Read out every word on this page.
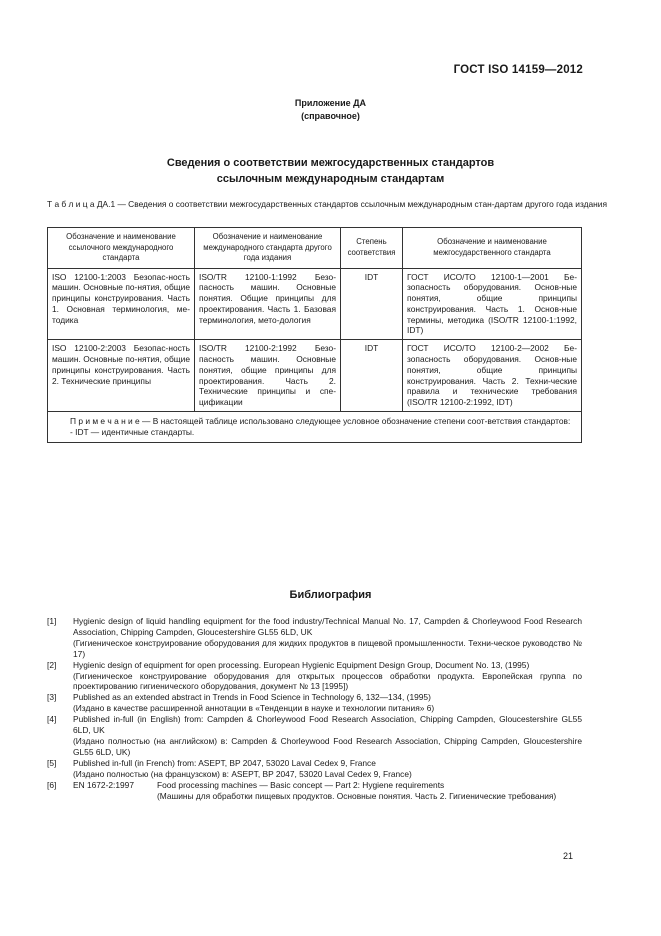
ГОСТ ISO 14159—2012
Приложение ДА
(справочное)
Сведения о соответствии межгосударственных стандартов
ссылочным международным стандартам
Т а б л и ц а ДА.1 — Сведения о соответствии межгосударственных стандартов ссылочным международным стан-дартам другого года издания
Обозначение и наименование ссылочного международного стандарта	Обозначение и наименование международного стандарта другого года издания	Степень соответствия	Обозначение и наименование межгосударственного стандарта
ISO 12100-1:2003 Безопас-ность машин. Основные по-нятия, общие принципы конструирования. Часть 1. Основная терминология, ме-тодика	ISO/TR 12100-1:1992 Безо-пасность машин. Основные понятия. Общие принципы для проектирования. Часть 1. Базовая терминология, мето-дология	IDT	ГОСТ ИСО/ТО 12100-1—2001 Бе-зопасность оборудования. Основ-ные понятия, общие принципы конструирования. Часть 1. Основ-ные термины, методика (ISO/TR 12100-1:1992, IDT)
ISO 12100-2:2003 Безопас-ность машин. Основные по-нятия, общие принципы конструирования. Часть 2. Технические принципы	ISO/TR 12100-2:1992 Безо-пасность машин. Основные понятия, общие принципы для проектирования. Часть 2. Технические принципы и спе-цификации	IDT	ГОСТ ИСО/ТО 12100-2—2002 Бе-зопасность оборудования. Основ-ные понятия, общие принципы конструирования. Часть 2. Техни-ческие правила и технические требования (ISO/TR 12100-2:1992, IDT)

П р и м е ч а н и е — В настоящей таблице использовано следующее условное обозначение степени соот-ветствия стандартов:

- IDT — идентичные стандарты.			

Библиография
[1]	Hygienic design of liquid handling equipment for the food industry/Technical Manual No. 17, Campden & Chorleywood Food Research Association, Chipping Campden, Gloucestershire GL55 6LD, UK

(Гигиеническое конструирование оборудования для жидких продуктов в пищевой промышленности. Техни-ческое руководство № 17)

[2]	Hygienic design of equipment for open processing. European Hygienic Equipment Design Group, Document No. 13, (1995)

(Гигиеническое конструирование оборудования для открытых процессов обработки продукта. Европейская группа по проектированию гигиенического оборудования, документ № 13 [1995])

[3]	Published as an extended abstract in Trends in Food Science in Technology 6, 132—134, (1995)

(Издано в качестве расширенной аннотации в «Тенденции в науке и технологии питания» 6)

[4]	Published in-full (in English) from: Campden & Chorleywood Food Research Association, Chipping Campden, Gloucestershire GL55 6LD, UK

(Издано полностью (на английском) в: Campden & Chorleywood Food Research Association, Chipping Campden, Gloucestershire GL55 6LD, UK)

[5]	Published in-full (in French) from: ASEPT, BP 2047, 53020 Laval Cedex 9, France

(Издано полностью (на французском) в: ASEPT, BP 2047, 53020 Laval Cedex 9, France)

[6]	EN 1672-2:1997	Food processing machines — Basic concept — Part 2: Hygiene requirements

(Машины для обработки пищевых продуктов. Основные понятия. Часть 2. Гигиенические требования)

21
